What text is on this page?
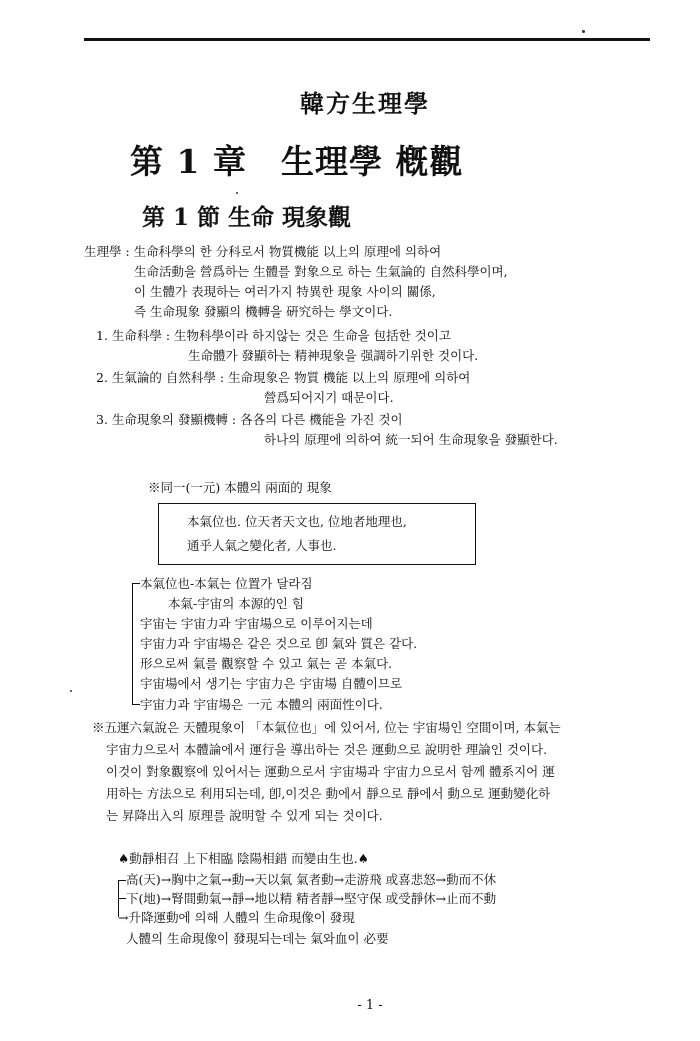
韓方生理學
第 1 章　生理學 槪觀
第 1 節 生命 現象觀
生理學 : 生命科學의 한 分科로서 物質機能 以上의 原理에 의하여
生命活動을 營爲하는 生體를 對象으로 하는 生氣論的 自然科學이며,
이 生體가 表現하는 여러가지 特異한 現象 사이의 關係,
즉 生命現象 發顯의 機轉을 硏究하는 學文이다.
1. 生命科學 : 生物科學이라 하지않는 것은 生命을 包括한 것이고
生命體가 發顯하는 精神現象을 强調하기위한 것이다.
2. 生氣論的 自然科學 : 生命現象은 物質 機能 以上의 原理에 의하여
營爲되어지기 때문이다.
3. 生命現象의 發顯機轉 : 各各의 다른 機能을 가진 것이
하나의 原理에 의하여 統一되어 生命現象을 發顯한다.
※同一(一元) 本體의 兩面的 現象
本氣位也. 位天者天文也, 位地者地理也,
通乎人氣之變化者, 人事也.
本氣位也-本氣는 位置가 달라짐
本氣-宇宙의 本源的인 힘
宇宙는 宇宙力과 宇宙場으로 이루어지는데
宇宙力과 宇宙場은 같은 것으로 卽 氣와 質은 같다.
形으로써 氣를 觀察할 수 있고 氣는 곧 本氣다.
宇宙場에서 생기는 宇宙力은 宇宙場 自體이므로
宇宙力과 宇宙場은 一元 本體의 兩面性이다.
※五運六氣說은 天體現象이 「本氣位也」에 있어서, 位는 宇宙場인 空間이며, 本氣는
宇宙力으로서 本體論에서 運行을 導出하는 것은 運動으로 說明한 理論인 것이다.
이것이 對象觀察에 있어서는 運動으로서 宇宙場과 宇宙力으로서 함께 體系지어 運
用하는 方法으로 利用되는데, 卽,이것은 動에서 靜으로 靜에서 動으로 運動變化하
는 昇降出入의 原理를 說明할 수 있게 되는 것이다.
♠動靜相召 上下相臨 陰陽相錯 而變由生也.♠
高(天)→胸中之氣→動→天以氣 氣者動→走游飛 或喜悲怒→動而不休
下(地)→腎間動氣→靜→地以精 精者靜→堅守保 或受靜休→止而不動
→升降運動에 의해 人體의 生命現像이 發現
人體의 生命現像이 發現되는데는 氣와血이 必要
- 1 -
